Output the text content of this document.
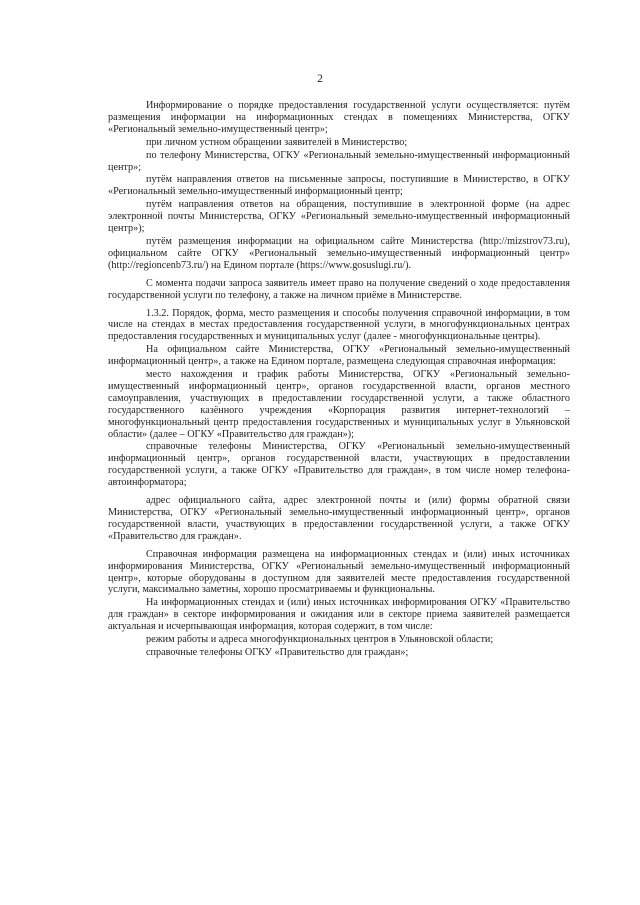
2

Информирование о порядке предоставления государственной услуги осуществляется: путём размещения информации на информационных стендах в помещениях Министерства, ОГКУ «Региональный земельно-имущественный центр»;

при личном устном обращении заявителей в Министерство;

по телефону Министерства, ОГКУ «Региональный земельно-имущественный информационный центр»;

путём направления ответов на письменные запросы, поступившие в Министерство, в ОГКУ «Региональный земельно-имущественный информационный центр;

путём направления ответов на обращения, поступившие в электронной форме (на адрес электронной почты Министерства, ОГКУ «Региональный земельно-имущественный информационный центр»);

путём размещения информации на официальном сайте Министерства (http://mizstrov73.ru), официальном сайте ОГКУ «Региональный земельно-имущественный информационный центр» (http://regioncenb73.ru/) на Едином портале (https://www.gosuslugi.ru/).

С момента подачи запроса заявитель имеет право на получение сведений о ходе предоставления государственной услуги по телефону, а также на личном приёме в Министерстве.

1.3.2. Порядок, форма, место размещения и способы получения справочной информации, в том числе на стендах в местах предоставления государственной услуги, в многофункциональных центрах предоставления государственных и муниципальных услуг (далее - многофункциональные центры).

На официальном сайте Министерства, ОГКУ «Региональный земельно-имущественный информационный центр», а также на Едином портале, размещена следующая справочная информация:

место нахождения и график работы Министерства, ОГКУ «Региональный земельно-имущественный информационный центр», органов государственной власти, органов местного самоуправления, участвующих в предоставлении государственной услуги, а также областного государственного казённого учреждения «Корпорация развития интернет-технологий – многофункциональный центр предоставления государственных и муниципальных услуг в Ульяновской области» (далее – ОГКУ «Правительство для граждан»);

справочные телефоны Министерства, ОГКУ «Региональный земельно-имущественный информационный центр», органов государственной власти, участвующих в предоставлении государственной услуги, а также ОГКУ «Правительство для граждан», в том числе номер телефона-автоинформатора;

адрес официального сайта, адрес электронной почты и (или) формы обратной связи Министерства, ОГКУ «Региональный земельно-имущественный информационный центр», органов государственной власти, участвующих в предоставлении государственной услуги, а также ОГКУ «Правительство для граждан».

Справочная информация размещена на информационных стендах и (или) иных источниках информирования Министерства, ОГКУ «Региональный земельно-имущественный информационный центр», которые оборудованы в доступном для заявителей месте предоставления государственной услуги, максимально заметны, хорошо просматриваемы и функциональны.

На информационных стендах и (или) иных источниках информирования ОГКУ «Правительство для граждан» в секторе информирования и ожидания или в секторе приема заявителей размещается актуальная и исчерпывающая информация, которая содержит, в том числе:

режим работы и адреса многофункциональных центров в Ульяновской области;

справочные телефоны ОГКУ «Правительство для граждан»;
